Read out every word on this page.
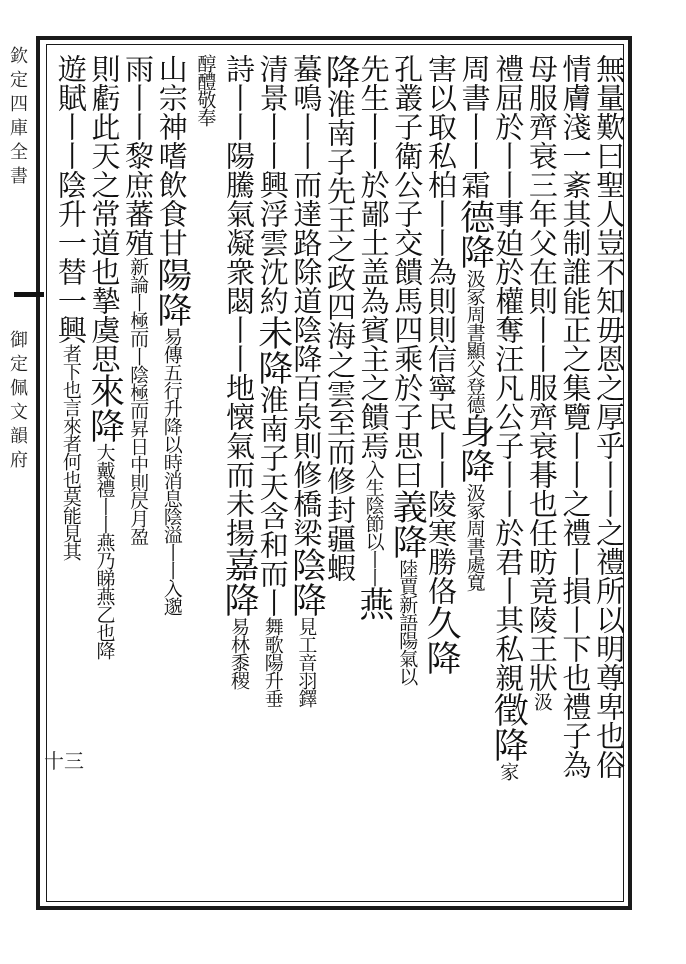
欽定四庫全書
御定佩文韻府
十三	無量歎曰聖人豈不知毋恩之厚乎丨丨之禮所以明尊卑也俗
情膚淺一紊其制誰能正之集覽丨丨之禮丨損丨下也禮子為
母服齊衰三年父在則丨丨服齊衰朞也任昉竟陵王狀汲
禮屈於丨丨事廹於權奪汪凡公子丨丨於君丨其私親徵降家
周書丨丨霜德降汲冢周書顯父登德身降汲冢周書處寬
害以取私柏丨丨為則則信寧民丨丨陵寒勝佫久降
孔叢子衛公子交饋馬四乘於子思曰義降陸賈新語陽氣以
先生丨丨於鄙土盖為賓主之饋焉入生陰節以丨丨燕
降淮南子先王之政四海之雲至而修封疆蝦
蟇鳴丨丨而達路除道陰降百泉則修橋梁陰降見工音羽鐸
清景丨丨興浮雲沈約未降淮南子天含和而丨舞歌陽升垂
詩丨丨陽騰氣凝衆閟丨丨地懐氣而未揚嘉降易林黍稷
醇醴敬奉
山宗神嗜飲食甘陽降易傳五行升降以時消息陰溢丨丨入邈
雨丨丨黎庶蕃殖新論丨極而丨陰極而昇日中則昃月盈
則虧此天之常道也摯虞思來降大戴禮丨丨燕乃睇燕乙也降
遊賦丨丨陰升一替一興者下也言來者何也莫能見其
